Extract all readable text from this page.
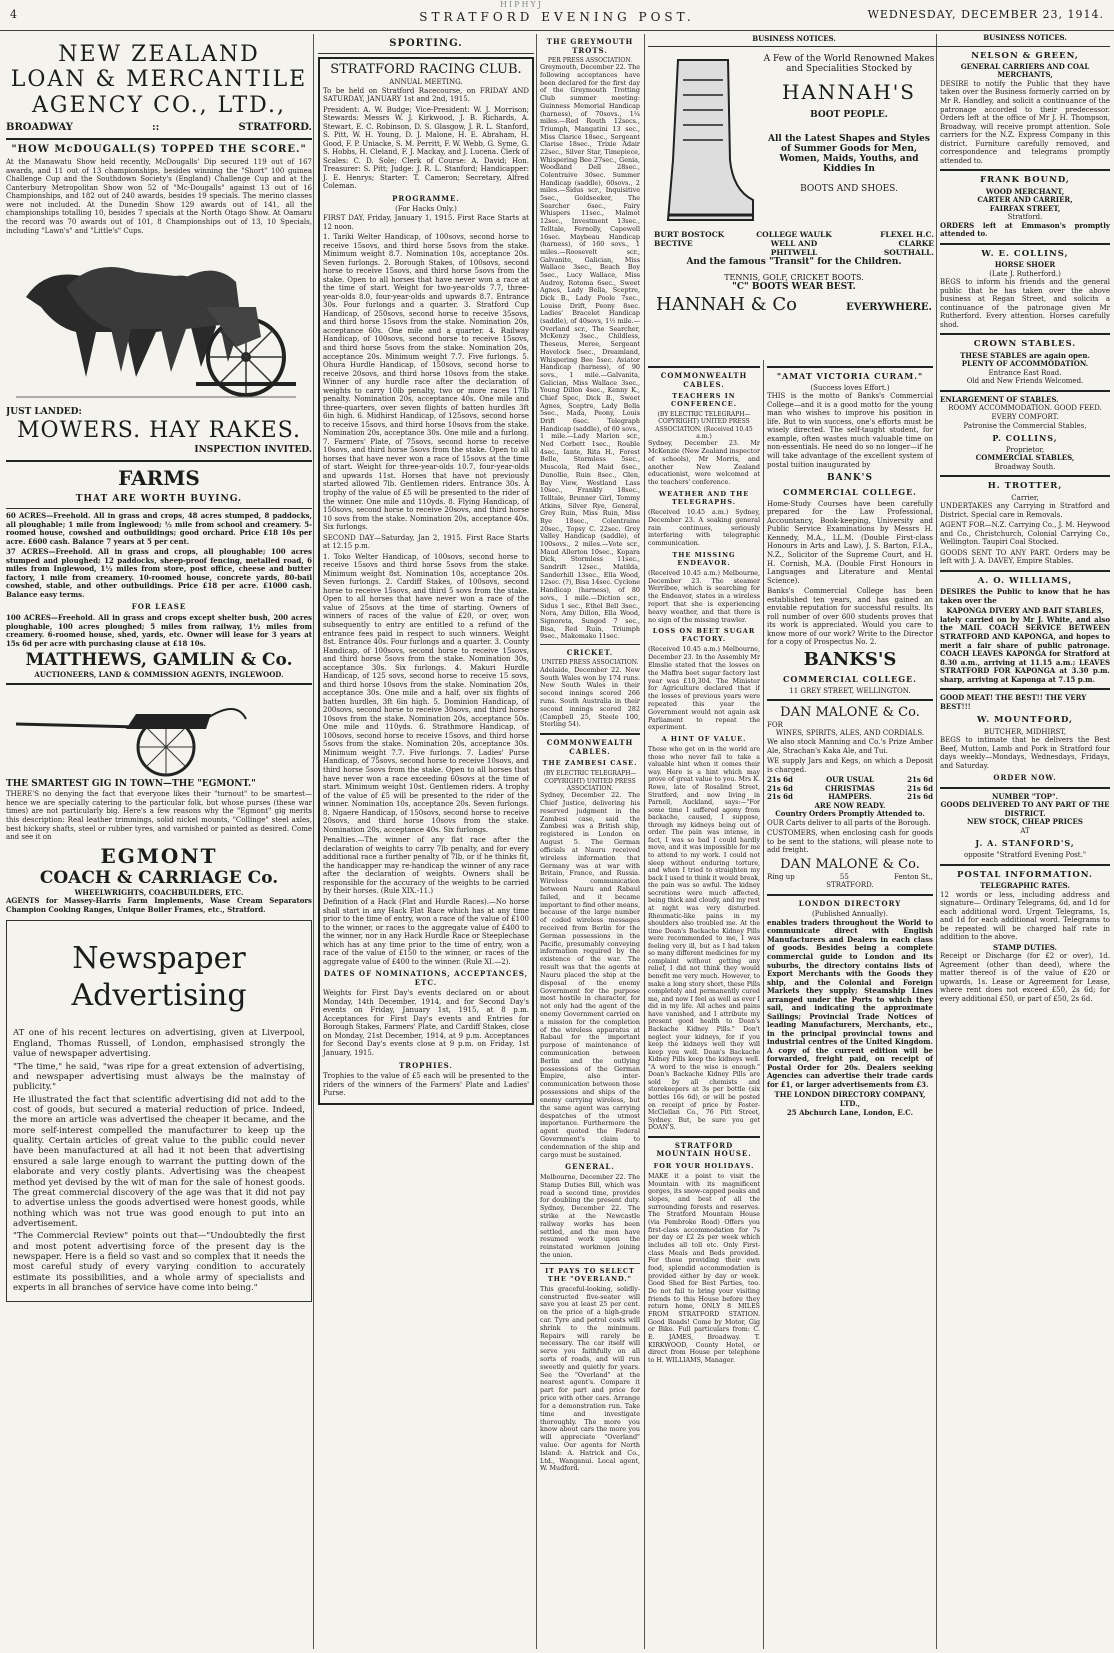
HIPHYJ
4	STRATFORD EVENING POST.	WEDNESDAY, DECEMBER 23, 1914.
NEW ZEALAND
LOAN & MERCANTILE
AGENCY CO., LTD.,
BROADWAY	::	STRATFORD.
"HOW McDOUGALL(S) TOPPED THE SCORE."

At the Manawatu Show held recently, McDougalls' Dip secured 119 out of 167 awards, and 11 out of 13 championships, besides winning the "Short" 100 guinea Challenge Cup and the Southdown Society's (England) Challenge Cup and at the Canterbury Metropolitan Show won 52 of "Mc-Dougalls" against 13 out of 16 Championships, and 182 out of 240 awards, besides 19 specials. The merino classes were not included. At the Dunedin Show 129 awards out of 141, all the championships totalling 10, besides 7 specials at the North Otago Show. At Oamaru the record was 70 awards out of 101, 8 Championships out of 13, 10 Specials, including "Lawn's" and "Little's" Cups.

JUST LANDED:
MOWERS. HAY RAKES.
INSPECTION INVITED.
FARMS
THAT ARE WORTH BUYING.

60 ACRES—Freehold. All in grass and crops, 48 acres stumped, 8 paddocks, all ploughable; 1 mile from Inglewood; ½ mile from school and creamery. 5-roomed house, cowshed and outbuildings; good orchard. Price £18 10s per acre. £600 cash. Balance 7 years at 5 per cent.

37 ACRES—Freehold. All in grass and crops, all ploughable; 100 acres stumped and ploughed; 12 paddocks, sheep-proof fencing, metalled road, 6 miles from Inglewood, 1½ miles from store, post office, cheese and butter factory, 1 mile from creamery. 10-roomed house, concrete yards, 80-bail cowshed, stable, and other outbuildings. Price £18 per acre. £1000 cash. Balance easy terms.

FOR LEASE

100 ACRES—Freehold. All in grass and crops except shelter bush, 200 acres ploughable, 100 acres ploughed; 5 miles from railway, 1½ miles from creamery. 6-roomed house, shed, yards, etc. Owner will lease for 3 years at 15s 6d per acre with purchasing clause at £18 10s.

MATTHEWS, GAMLIN & Co.
AUCTIONEERS, LAND & COMMISSION AGENTS, INGLEWOOD.
THE SMARTEST GIG IN TOWN—THE "EGMONT."

THERE'S no denying the fact that everyone likes their "turnout" to be smartest—hence we are specially catering to the particular folk, but whose purses (these war times) are not particularly big. Here's a few reasons why the "Egmont" gig merits this description: Real leather trimmings, solid nickel mounts, "Collinge" steel axles, best hickory shafts, steel or rubber tyres, and varnished or painted as desired. Come and see it on

EGMONT
COACH & CARRIAGE Co.
WHEELWRIGHTS, COACHBUILDERS, ETC.

AGENTS for Massey-Harris Farm Implements, Wase Cream Separators Champion Cooking Ranges, Unique Boiler Frames, etc., Stratford.

Newspaper
Advertising

AT one of his recent lectures on advertising, given at Liverpool, England, Thomas Russell, of London, emphasised strongly the value of newspaper advertising.

"The time," he said, "was ripe for a great extension of advertising, and newspaper advertising must always be the mainstay of publicity."

He illustrated the fact that scientific advertising did not add to the cost of goods, but secured a material reduction of price. Indeed, the more an article was advertised the cheaper it became, and the more self-interest compelled the manufacturer to keep up the quality. Certain articles of great value to the public could never have been manufactured at all had it not been that advertising ensured a sale large enough to warrant the putting down of the elaborate and very costly plants. Advertising was the cheapest method yet devised by the wit of man for the sale of honest goods. The great commercial discovery of the age was that it did not pay to advertise unless the goods advertised were honest goods, while nothing which was not true was good enough to put into an advertisement.

"The Commercial Review" points out that—"Undoubtedly the first and most potent advertising force of the present day is the newspaper. Here is a field so vast and so complex that it needs the most careful study of every varying condition to accurately estimate its possibilities, and a whole army of specialists and experts in all branches of service have come into being."

SPORTING.
STRATFORD RACING CLUB.
ANNUAL MEETING.

To be held on Stratford Racecourse, on FRIDAY AND SATURDAY, JANUARY 1st and 2nd, 1915.

President: A. W. Budge; Vice-President: W. J. Morrison; Stewards: Messrs W. J. Kirkwood, J. B. Richards, A. Stewart, E. C. Robinson, D. S. Glasgow, J. R. L. Stanford, S. Pitt, W. H. Young, D. J. Malone, H. E. Abraham, H. Good, F. P. Uniacke, S. M. Perritt, F. W. Webb, G. Syme, G. S. Hobbs, H. Cleland, F. J. Mackay, and J. Lucena. Clerk of Scales: C. D. Sole; Clerk of Course: A. David; Hon. Treasurer: S. Pitt; Judge: J. R. L. Stanford; Handicapper: J. E. Henrys; Starter: T. Cameron; Secretary, Alfred Coleman.

PROGRAMME.
(For Hacks Only.)

FIRST DAY, Friday, January 1, 1915. First Race Starts at 12 noon.

1. Tariki Welter Handicap, of 100sovs, second horse to receive 15sovs, and third horse 5sovs from the stake. Minimum weight 8.7. Nomination 10s, acceptance 20s. Seven furlongs. 2. Borough Stakes, of 100sovs, second horse to receive 15sovs, and third horse 5sovs from the stake. Open to all horses that have never won a race at the time of start. Weight for two-year-olds 7.7, three-year-olds 8.0, four-year-olds and upwards 8.7. Entrance 30s. Four furlongs and a quarter. 3. Stratford Cup Handicap, of 250sovs, second horse to receive 35sovs, and third horse 15sovs from the stake. Nomination 20s, acceptance 60s. One mile and a quarter. 4. Railway Handicap, of 100sovs, second horse to receive 15sovs, and third horse 5sovs from the stake. Nomination 20s, acceptance 20s. Minimum weight 7.7. Five furlongs. 5. Ohura Hurdle Handicap, of 150sovs, second horse to receive 20sovs, and third horse 10sovs from the stake. Winner of any hurdle race after the declaration of weights to carry 10lb penalty, two or more races 17lb penalty. Nomination 20s, acceptance 40s. One mile and three-quarters, over seven flights of batten hurdles 3ft 6in high. 6. Midhirst Handicap, of 125sovs, second horse to receive 15sovs, and third horse 10sovs from the stake. Nomination 20s, acceptance 30s. One mile and a furlong. 7. Farmers' Plate, of 75sovs, second horse to receive 10sovs, and third horse 5sovs from the stake. Open to all horses that have never won a race of 15sovs at the time of start. Weight for three-year-olds 10.7, four-year-olds and upwards 11st. Horses that have not previously started allowed 7lb. Gentlemen riders. Entrance 30s. A trophy of the value of £5 will be presented to the rider of the winner. One mile and 110yds. 8. Flying Handicap, of 150sovs, second horse to receive 20sovs, and third horse 10 sovs from the stake. Nomination 20s, acceptance 40s. Six furlongs.

SECOND DAY—Saturday, Jan 2, 1915. First Race Starts at 12.15 p.m.

1. Toko Welter Handicap, of 100sovs, second horse to receive 15sovs and third horse 5sovs from the stake. Minimum weight 8st. Nomination 10s, acceptance 20s. Seven furlongs. 2. Cardiff Stakes, of 100sovs, second horse to receive 15sovs, and third 5 sovs from the stake. Open to all horses that have never won a race of the value of 25sovs at the time of starting. Owners of winners of races of the value of £20, or over, won subsequently to entry are entitled to a refund of the entrance fees paid in respect to such winners. Weight 8st. Entrance 40s. Four furlongs and a quarter. 3. County Handicap, of 100sovs, second horse to receive 15sovs, and third horse 5sovs from the stake. Nomination 30s, acceptance 30s. Six furlongs. 4. Makuri Hurdle Handicap, of 125 sovs, second horse to receive 15 sovs, and third horse 10sovs from the stake. Nomination 20s, acceptance 30s. One mile and a half, over six flights of batten hurdles, 3ft 6in high. 5. Dominion Handicap, of 200sovs, second horse to receive 30sovs, and third horse 10sovs from the stake. Nomination 20s, acceptance 50s. One mile and 110yds. 6. Strathmore Handicap, of 100sovs, second horse to receive 15sovs, and third horse 5sovs from the stake. Nomination 20s, acceptance 30s. Minimum weight 7.7. Five furlongs. 7. Ladies' Purse Handicap, of 75sovs, second horse to receive 10sovs, and third horse 5sovs from the stake. Open to all horses that have never won a race exceeding 60sovs at the time of start. Minimum weight 10st. Gentlemen riders. A trophy of the value of £5 will be presented to the rider of the winner. Nomination 10s, acceptance 20s. Seven furlongs. 8. Ngaere Handicap, of 150sovs, second horse to receive 20sovs, and third horse 10sovs from the stake. Nomination 20s, acceptance 40s. Six furlongs.

Penalties.—The winner of any flat race after the declaration of weights to carry 7lb penalty, and for every additional race a further penalty of 7lb, or if he thinks fit, the handicapper may re-handicap the winner of any race after the declaration of weights. Owners shall be responsible for the accuracy of the weights to be carried by their horses. (Rule XIX.-11.)

Definition of a Hack (Flat and Hurdle Races).—No horse shall start in any Hack Flat Race which has at any time prior to the time of entry, won a race of the value of £100 to the winner, or races to the aggregate value of £400 to the winner, nor in any Hack Hurdle Race or Steeplechase which has at any time prior to the time of entry, won a race of the value of £150 to the winner, or races of the aggregate value of £400 to the winner. (Rule XI.—2).

DATES OF NOMINATIONS, ACCEPTANCES, ETC.

Weights for First Day's events declared on or about Monday, 14th December, 1914, and for Second Day's events on Friday, January 1st, 1915, at 8 p.m. Acceptances for First Day's events and Entries for Borough Stakes, Farmers' Plate, and Cardiff Stakes, close on Monday, 21st December, 1914, at 9 p.m. Acceptances for Second Day's events close at 9 p.m. on Friday, 1st January, 1915.

TROPHIES.

Trophies to the value of £5 each will be presented to the riders of the winners of the Farmers' Plate and Ladies' Purse.

THE GREYMOUTH TROTS.
PER PRESS ASSOCIATION.

Greymouth, December 22. The following acceptances have been declared for the first day of the Greymouth Trotting Club summer meeting: Guinness Memorial Handicap (harness), of 70sovs., 1¼ miles.—Red Routh 12secs., Triumph, Mangatini 13 sec., Miss Clarice 18sec., Sergeant Clarise 18sec., Trixie Adair 22sec., Silver Star, Timepiece, Whispering Bee 27sec., Genia, Woodland Dell 28sec., Colentraive 30sec. Summer Handicap (saddle), 60sovs., 2 miles.—Sidus scr., Inquisitive 5sec., Goldseeker, The Searcher 6sec., Fairy Whispers 11sec., Malmot 12sec., Investment 13sec., Telltale, Fernolly, Capewell 16sec. Maybeau Handicap (harness), of 160 sovs., 1 miles.—Roosevelt scr., Galvanite, Galician, Miss Wallace 3sec., Beach Boy 5sec., Lucy Wallace, Miss Audrey, Rotoma 6sec., Sweet Agnes, Lady Bella, Sceptre, Dick B., Lady Poole 7sec., Louise Drift, Peony 8sec. Ladies' Bracelet Handicap (saddle), of 40sovs, 1½ mile.—Overland scr., The Searcher, McKenzy 3sec., Childless, Theseus, Meree, Sergeant Havelock 5sec., Dreamland, Whispering Bee 5sec. Aviator Handicap (harness), of 90 sovs., 1 mile.—Galvanita, Galician, Miss Wallace 3sec., Young Dillon 4sec., Kenny K., Chief Spec, Dick B., Sweet Agnes, Sceptre, Lady Bella 5sec., Mada, Peony, Louis Drift 6sec. Telegraph Handicap (saddle), of 60 sovs., 1 mile.—Lady Marion scr., Ned Corbett 1sec., Rouble 4sec., Iante, Rita H., Forest Belle, Stormless 5sec., Muscola, Red Maid 6sec., Dunollie, Ruin 8sec., Glen, Bay View, Westland Lass 10sec., Frankly 18sec., Telltale, Brunner Girl, Tommy Atkins, Silver Rye, General, Grey Ruin, Miss Ruin, Miss Rye 18sec., Colentraine 20sec., Topsy C. 22sec. Grey Valley Handicap (saddle), of 100sovs., 2 miles.—Vote scr., Maud Allerton 10sec., Kopara Dick, Stormless 11sec., Sandrift 12sec., Matilda, Sanderhill 13sec., Ella Wood, 12sec. (?), Bisa 14sec. Cyclone Handicap (harness), of 80 sovs., 1 mile.—Diction scr., Sidus 1 sec., Ethel Bell 3sec., Nora, Amy Dillon, Ella Wood, Signoreta, Sungod 7 sec., Bisa, Red Ruin, Triumph 9sec., Makomako 11sec.

CRICKET.
UNITED PRESS ASSOCIATION.

Adelaide, December 22. New South Wales won by 174 runs. New South Wales in their second innings scored 266 runs. South Australia in their second innings scored 282 (Campbell 25, Steele 100, Sterling 54).

COMMONWEALTH CABLES.
THE ZAMBESI CASE.
(BY ELECTRIC TELEGRAPH—COPYRIGHT) UNITED PRESS ASSOCIATION.

Sydney, December 22. The Chief Justice, delivering his reserved judgment in the Zambesi case, said the Zambesi was a British ship, registered in London on August 5. The German officials at Nauru received wireless information that Germany was at war with Britain, France, and Russia. Wireless communication between Nauru and Rabaul failed, and it became important to find other means, because of the large number of coded wireless messages received from Berlin for the German possessions in the Pacific, presumably conveying information required by the existence of the war. The result was that the agents at Nauru placed the ship at the disposal of the enemy Government for the purpose most hostile in character, for not only had the agent of the enemy Government carried on a mission for the completion of the wireless apparatus at Rabaul for the important purpose of maintenance of communication between Berlin and the outlying possessions of the German Empire, also inter-communication between those possessions and ships of the enemy carrying wireless, but the same agent was carrying despatches of the utmost importance. Furthermore the agent quoted the Federal Government's claim to condemnation of the ship and cargo must be sustained.

GENERAL.

Melbourne, December 22. The Stamp Duties Bill, which was read a second time, provides for doubling the present duty. Sydney, December 22. The strike at the Newcastle railway works has been settled, and the men have resumed work upon the reinstated workmen joining the union.

IT PAYS TO SELECT THE "OVERLAND."

This graceful-looking, solidly-constructed five-seater will save you at least 25 per cent. on the price of a high-grade car. Tyre and petrol costs will shrink to the minimum. Repairs will rarely be necessary. The car itself will serve you faithfully on all sorts of roads, and will run sweetly and quietly for years. See the "Overland" at the nearest agent's. Compare it part for part and price for price with other cars. Arrange for a demonstration run. Take time and investigate thoroughly. The more you know about cars the more you will appreciate "Overland" value. Our agents for North Island: A. Hatrick and Co., Ltd., Wanganui. Local agent, W. Mudford.

BUSINESS NOTICES.
A Few of the World Renowned Makes and Specialities Stocked by
HANNAH'S
BOOT PEOPLE.
All the Latest Shapes and Styles of Summer Goods for Men, Women, Maids, Youths, and Kiddies In
BOOTS AND SHOES.
BURT BOSTOCK BECTIVE
COLLEGE WAULK WELL AND PHITWELL
FLEXEL H.C. CLARKE SOUTHALL.
And the famous "Transit" for the Children.
TENNIS, GOLF, CRICKET BOOTS.
"C" BOOTS WEAR BEST.
HANNAH & Co	EVERYWHERE.
COMMONWEALTH CABLES.
TEACHERS IN CONFERENCE.
(BY ELECTRIC TELEGRAPH—COPYRIGHT) UNITED PRESS ASSOCIATION. (Received 10.45 a.m.)

Sydney, December 23. Mr McKenzie (New Zealand inspector of schools), Mr Morris, and another New Zealand educationist, were welcomed at the teachers' conference.

WEATHER AND THE TELEGRAPHS.

(Received 10.45 a.m.) Sydney, December 23. A soaking general rain continues, seriously interfering with telegraphic communication.

THE MISSING ENDEAVOR.

(Received 10.45 a.m.) Melbourne, December 23. The steamer Werribee, which is searching for the Endeavor, states in a wireless report that she is experiencing heavy weather, and that there is no sign of the missing trawler.

LOSS ON BEET SUGAR FACTORY.

(Received 10.45 a.m.) Melbourne, December 23. In the Assembly Mr Elmslie stated that the losses on the Maffra beet sugar factory last year was £10,304. The Minister for Agriculture declared that if the losses of previous years were repeated this year the Government would not again ask Parliament to repeat the experiment.

A HINT OF VALUE.

Those who get on in the world are those who never fail to take a valuable hint when it comes their way. Here is a hint which may prove of great value to you. Mrs K. Rowe, late of Rosalind Street, Stratford, and now living in Parnell, Auckland, says:—"For some time I suffered agony from backache, caused, I suppose, through my kidneys being out of order. The pain was intense, in fact, I was so bad I could hardly move, and it was impossible for me to attend to my work. I could not sleep without enduring torture, and when I tried to straighten my back I used to think it would break, the pain was so awful. The kidney secretions were much affected, being thick and cloudy, and my rest at night was very disturbed. Rheumatic-like pains in my shoulders also troubled me. At the time Doan's Backache Kidney Pills were recommended to me, I was feeling very ill, but as I had taken so many different medicines for my complaint without getting any relief, I did not think they would benefit me very much. However, to make a long story short, these Pills completely and permanently cured me, and now I feel as well as ever I did in my life. All aches and pains have vanished, and I attribute my present good health to Doan's Backache Kidney Pills." Don't neglect your kidneys, for if you keep the kidneys well they will keep you well. Doan's Backache Kidney Pills keep the kidneys well. "A word to the wise is enough." Doan's Backache Kidney Pills are sold by all chemists and storekeepers at 3s per bottle (six bottles 16s 6d), or will be posted on receipt of price by Foster-McClellan Co., 76 Pitt Street, Sydney. But, be sure you get DOAN'S.

STRATFORD MOUNTAIN HOUSE.
FOR YOUR HOLIDAYS.

MAKE it a point to visit the Mountain with its magnificent gorges, its snow-capped peaks and slopes, and best of all the surrounding forests and reserves. The Stratford Mountain House (via Pembroke Road) Offers you first-class accommodation for 7s per day or £2 2s per week which includes all toll etc. Only First-class Meals and Beds provided. For those providing their own food, splendid accommodation is provided either by day or week. Good Shed for Best Parties, too. Do not fail to bring your visiting friends to this House before they return home, ONLY 8 MILES FROM STRATFORD STATION. Good Roads! Come by Motor, Gig or Bike. Full particulars from: C. E. JAMES, Broadway. T. KIRKWOOD, County Hotel, or direct from House per telephone to H. WILLIAMS, Manager.

"AMAT VICTORIA CURAM."
(Success loves Effort.)

THIS is the motto of Banks's Commercial College—and it is a good motto for the young man who wishes to improve his position in life. But to win success, one's efforts must be wisely directed. The self-taught student, for example, often wastes much valuable time on non-essentials. He need do so no longer—if he will take advantage of the excellent system of postal tuition inaugurated by

BANK'S
COMMERCIAL COLLEGE.

Home-Study Courses have been carefully prepared for the Law Professional, Accountancy, Book-keeping, University and Public Service Examinations by Messrs H. Kennedy, M.A., LL.M. (Double First-class Honours in Arts and Law), J. S. Barton, F.I.A., N.Z., Solicitor of the Supreme Court, and H. H. Cornish, M.A. (Double First Honours in Languages and Literature and Mental Science).

Banks's Commercial College has been established ten years, and has gained an enviable reputation for successful results. Its roll number of over 600 students proves that its work is appreciated. Would you care to know more of our work? Write to the Director for a copy of Prospectus No. 2.

BANKS'S
COMMERCIAL COLLEGE.
11 GREY STREET, WELLINGTON.
DAN MALONE & Co.
FOR
WINES, SPIRITS, ALES, AND CORDIALS.

We also stock Manning and Co.'s Prize Amber Ale, Strachan's Kaka Ale, and Tui.

WE supply Jars and Kegs, on which a Deposit is charged.

21s 6d 21s 6d 21s 6d
OUR USUAL CHRISTMAS HAMPERS.
21s 6d 21s 6d 21s 6d
ARE NOW READY.
Country Orders Promptly Attended to.

OUR Carts deliver to all parts of the Borough.

CUSTOMERS, when enclosing cash for goods to be sent to the stations, will please note to add freight.

DAN MALONE & Co.
Ring up	55	Fenton St.,
STRATFORD.
LONDON DIRECTORY
(Published Annually).

enables traders throughout the World to communicate direct with English Manufacturers and Dealers in each class of goods. Besides being a complete commercial guide to London and its suburbs, the directory contains lists of Export Merchants with the Goods they ship, and the Colonial and Foreign Markets they supply; Steamship Lines arranged under the Ports to which they sail, and indicating the approximate Sailings; Provincial Trade Notices of leading Manufacturers, Merchants, etc., in the principal provincial towns and industrial centres of the United Kingdom. A copy of the current edition will be forwarded, freight paid, on receipt of Postal Order for 20s. Dealers seeking Agencies can advertise their trade cards for £1, or larger advertisements from £3.

THE LONDON DIRECTORY COMPANY, LTD.,
25 Abchurch Lane, London, E.C.
BUSINESS NOTICES.
NELSON & GREEN,
GENERAL CARRIERS AND COAL MERCHANTS,

DESIRE to notify the Public that they have taken over the Business formerly carried on by Mr R. Handley, and solicit a continuance of the patronage accorded to their predecessor. Orders left at the office of Mr J. H. Thompson, Broadway, will receive prompt attention. Sole carriers for the N.Z. Express Company in this district. Furniture carefully removed, and correspondence and telegrams promptly attended to.

FRANK BOUND,
WOOD MERCHANT,
CARTER AND CARRIER,
FAIRFAX STREET,
Stratford.

ORDERS left at Emmason's promptly attended to.

W. E. COLLINS,
HORSE SHOER
(Late J. Rutherford.)

BEGS to inform his friends and the general public that he has taken over the above business at Regan Street, and solicits a continuance of the patronage given Mr Rutherford. Every attention. Horses carefully shod.

CROWN STABLES.
THESE STABLES are again open.
PLENTY OF ACCOMMODATION.
Entrance East Road.
Old and New Friends Welcomed.
ENLARGEMENT OF STABLES.
ROOMY ACCOMMODATION. GOOD FEED. EVERY COMFORT.
Patronise the Commercial Stables,
P. COLLINS,
Proprietor,
COMMERCIAL STABLES,
Broadway South.
H. TROTTER,
Carrier,

UNDERTAKES any Carrying in Stratford and District. Special care in Removals.

AGENT FOR—N.Z. Carrying Co., J. M. Heywood and Co., Christchurch, Colonial Carrying Co., Wellington. Taupiri Coal Stocked.

GOODS SENT TO ANY PART. Orders may be left with J. A. DAVEY, Empire Stables.

A. O. WILLIAMS,

DESIRES the Public to know that he has taken over the

KAPONGA DIVERY AND BAIT STABLES,

lately carried on by Mr J. White, and also the MAIL COACH SERVICE BETWEEN STRATFORD AND KAPONGA, and hopes to merit a fair share of public patronage. COACH LEAVES KAPONGA for Stratford at 8.30 a.m., arriving at 11.15 a.m.; LEAVES STRATFORD FOR KAPONGA at 3.30 p.m. sharp, arriving at Kaponga at 7.15 p.m.

GOOD MEAT! THE BEST!! THE VERY BEST!!!
W. MOUNTFORD,
BUTCHER, MIDHIRST,

BEGS to intimate that he delivers the Best Beef, Mutton, Lamb and Pork in Stratford four days weekly—Mondays, Wednesdays, Fridays, and Saturday.

ORDER NOW.
NUMBER "TOP".
GOODS DELIVERED TO ANY PART OF THE DISTRICT.
NEW STOCK, CHEAP PRICES
AT
J. A. STANFORD'S,
opposite "Stratford Evening Post."
POSTAL INFORMATION.
TELEGRAPHIC RATES.

12 words or less, including address and signature— Ordinary Telegrams, 6d, and 1d for each additional word. Urgent Telegrams, 1s, and 1d for each additional word. Telegrams to be repeated will be charged half rate in addition to the above.

STAMP DUTIES.

Receipt or Discharge (for £2 or over), 1d. Agreement (other than deed), where the matter thereof is of the value of £20 or upwards, 1s. Lease or Agreement for Lease, where rent does not exceed £50, 2s 6d; for every additional £50, or part of £50, 2s 6d.
